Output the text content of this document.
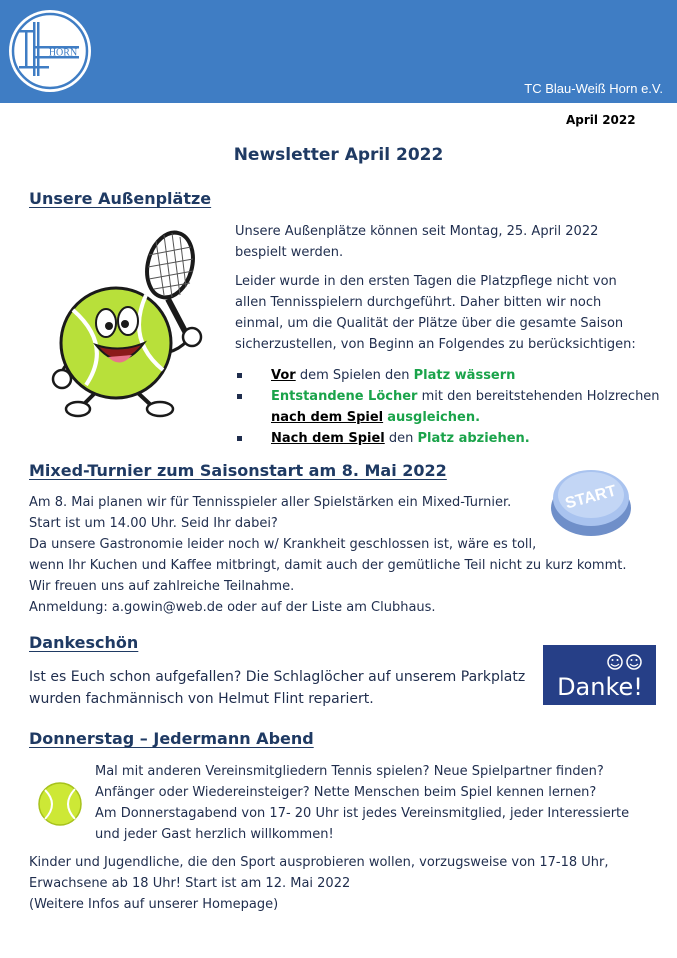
HORN
TC Blau-Weiß Horn e.V.
April 2022
Newsletter April 2022
Unsere Außenplätze
Unsere Außenplätze können seit Montag, 25. April 2022
bespielt werden.
Leider wurde in den ersten Tagen die Platzpflege nicht von
allen Tennisspielern durchgeführt. Daher bitten wir noch
einmal, um die Qualität der Plätze über die gesamte Saison
sicherzustellen, von Beginn an Folgendes zu berücksichtigen:
Vor dem Spielen den Platz wässern
Entstandene Löcher mit den bereitstehenden Holzrechen
nach dem Spiel ausgleichen.
Nach dem Spiel den Platz abziehen.
Mixed-Turnier zum Saisonstart am 8. Mai 2022
START
Am 8. Mai planen wir für Tennisspieler aller Spielstärken ein Mixed-Turnier.
Start ist um 14.00 Uhr. Seid Ihr dabei?
Da unsere Gastronomie leider noch w/ Krankheit geschlossen ist, wäre es toll,
wenn Ihr Kuchen und Kaffee mitbringt, damit auch der gemütliche Teil nicht zu kurz kommt.
Wir freuen uns auf zahlreiche Teilnahme.
Anmeldung: a.gowin@web.de oder auf der Liste am Clubhaus.
Dankeschön
Ist es Euch schon aufgefallen? Die Schlaglöcher auf unserem Parkplatz
wurden fachmännisch von Helmut Flint repariert.	Danke!
Donnerstag – Jedermann Abend
Mal mit anderen Vereinsmitgliedern Tennis spielen? Neue Spielpartner finden?
Anfänger oder Wiedereinsteiger? Nette Menschen beim Spiel kennen lernen?
Am Donnerstagabend von 17- 20 Uhr ist jedes Vereinsmitglied, jeder Interessierte
und jeder Gast herzlich willkommen!
Kinder und Jugendliche, die den Sport ausprobieren wollen, vorzugsweise von 17-18 Uhr,
Erwachsene ab 18 Uhr! Start ist am 12. Mai 2022
(Weitere Infos auf unserer Homepage)
